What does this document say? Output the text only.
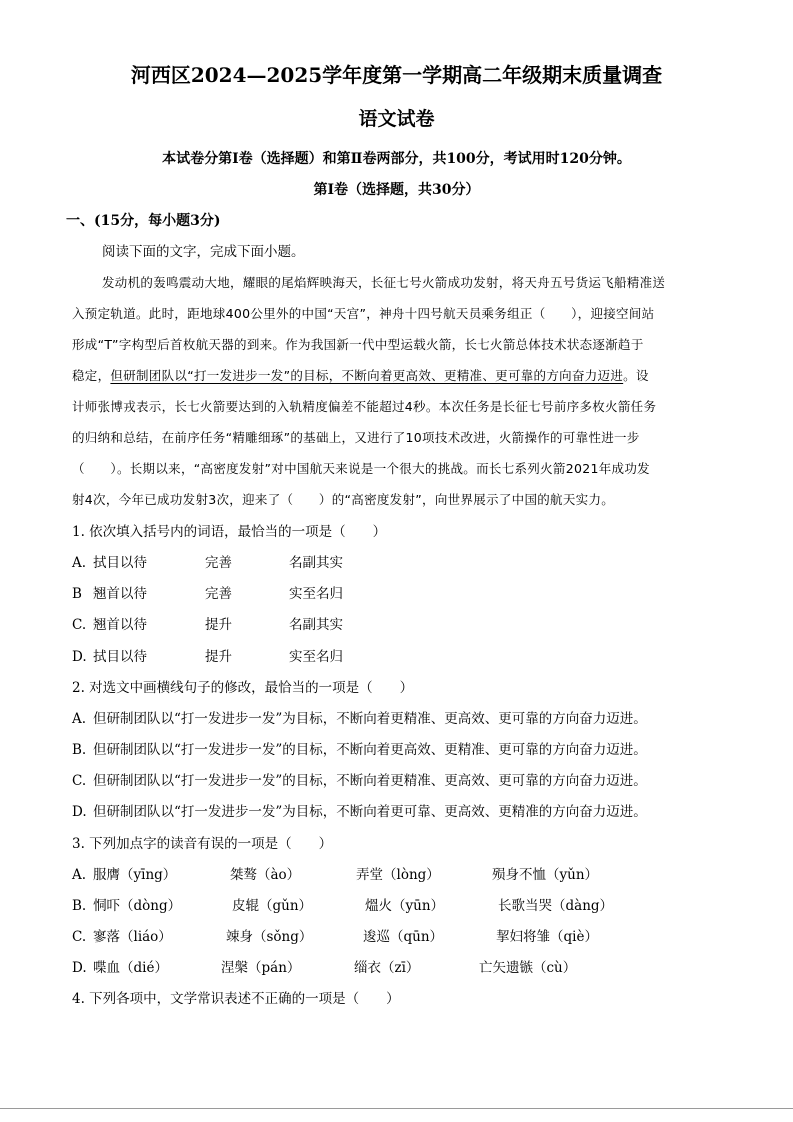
河西区2024—2025学年度第一学期高二年级期末质量调查
语文试卷
本试卷分第Ⅰ卷（选择题）和第Ⅱ卷两部分，共100分，考试用时120分钟。
第Ⅰ卷（选择题，共30分）
一、(15分，每小题3分)
阅读下面的文字，完成下面小题。
发动机的轰鸣震动大地，耀眼的尾焰辉映海天，长征七号火箭成功发射，将天舟五号货运飞船精准送
入预定轨道。此时，距地球400公里外的中国“天宫”，神舟十四号航天员乘务组正（　　），迎接空间站
形成“T”字构型后首枚航天器的到来。作为我国新一代中型运载火箭，长七火箭总体技术状态逐渐趋于
稳定，但研制团队以“打一发进步一发”的目标，不断向着更高效、更精准、更可靠的方向奋力迈进。设
计师张博戎表示，长七火箭要达到的入轨精度偏差不能超过4秒。本次任务是长征七号前序多枚火箭任务
的归纳和总结，在前序任务“精雕细琢”的基础上，又进行了10项技术改进，火箭操作的可靠性进一步
（　　）。长期以来，“高密度发射”对中国航天来说是一个很大的挑战。而长七系列火箭2021年成功发
射4次，今年已成功发射3次，迎来了（　　）的“高密度发射”，向世界展示了中国的航天实力。
1. 依次填入括号内的词语，最恰当的一项是（　　）
A. 拭目以待	完善	名副其实
B 翘首以待	完善	实至名归
C. 翘首以待	提升	名副其实
D. 拭目以待	提升	实至名归
2. 对选文中画横线句子的修改，最恰当的一项是（　　）
A. 但研制团队以“打一发进步一发”为目标，不断向着更精准、更高效、更可靠的方向奋力迈进。
B. 但研制团队以“打一发进步一发”的目标，不断向着更高效、更精准、更可靠的方向奋力迈进。
C. 但研制团队以“打一发进步一发”的目标，不断向着更精准、更高效、更可靠的方向奋力迈进。
D. 但研制团队以“打一发进步一发”为目标，不断向着更可靠、更高效、更精准的方向奋力迈进。
3. 下列加点字的读音有误的一项是（　　）
A. 服膺（yīng）	桀骜（ào）	弄堂（lòng）	殒身不恤（yǔn）
B. 恫吓（dòng）	皮辊（gǔn）	熅火（yūn）	长歌当哭（dàng）
C. 寥落（liáo）	竦身（sǒng）	逡巡（qūn）	挈妇将雏（qiè）
D. 喋血（dié）	涅槃（pán）	缁衣（zī）	亡矢遗镞（cù）
4. 下列各项中，文学常识表述不正确的一项是（　　）
